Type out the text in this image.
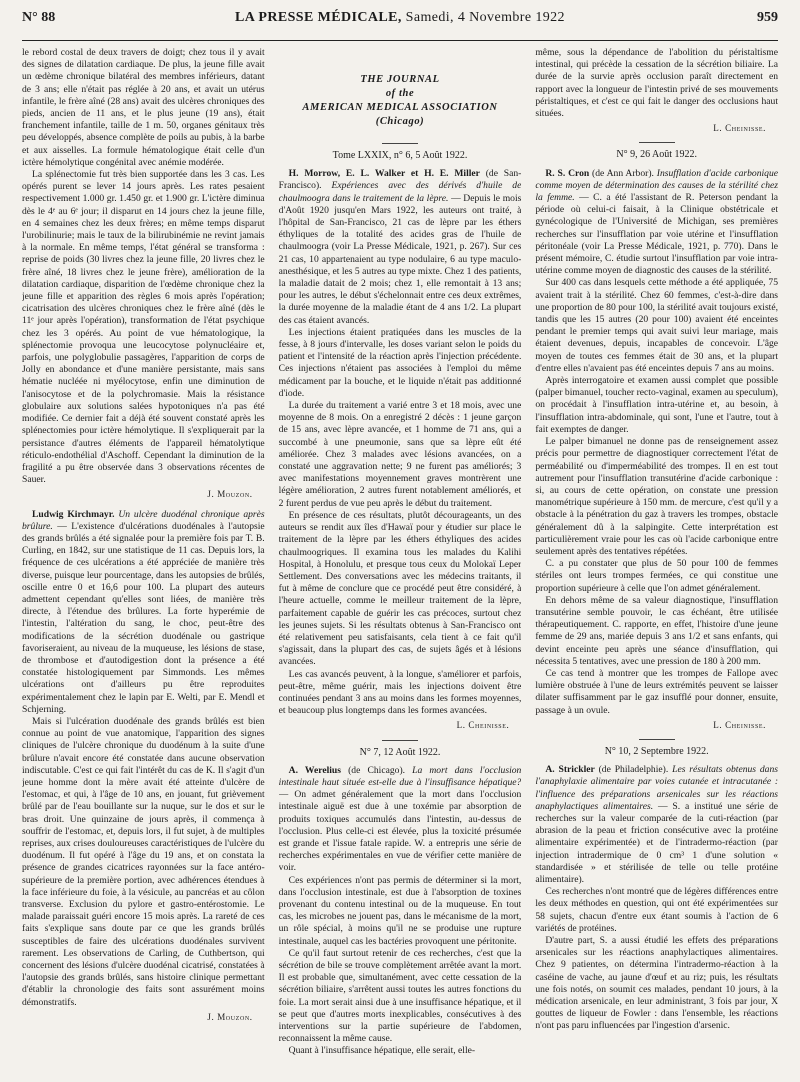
N° 88	LA PRESSE MÉDICALE, Samedi, 4 Novembre 1922	959

le rebord costal de deux travers de doigt; chez tous il y avait des signes de dilatation cardiaque. De plus, la jeune fille avait un œdème chronique bilatéral des membres inférieurs, datant de 3 ans; elle n'était pas réglée à 20 ans, et avait un utérus infantile, le frère aîné (28 ans) avait des ulcères chroniques des pieds, ancien de 11 ans, et le plus jeune (19 ans), était franchement infantile, taille de 1 m. 50, organes génitaux très peu développés, absence complète de poils au pubis, à la barbe et aux aisselles. La formule hématologique était celle d'un ictère hémolytique congénital avec anémie modérée.

La splénectomie fut très bien supportée dans les 3 cas. Les opérés purent se lever 14 jours après. Les rates pesaient respectivement 1.000 gr. 1.450 gr. et 1.900 gr. L'ictère diminua dès le 4ᵉ au 6ᵉ jour; il disparut en 14 jours chez la jeune fille, en 4 semaines chez les deux frères; en même temps disparut l'urobilinurie; mais le taux de la bilirubinémie ne revint jamais à la normale. En même temps, l'état général se transforma : reprise de poids (30 livres chez la jeune fille, 20 livres chez le frère aîné, 18 livres chez le jeune frère), amélioration de la dilatation cardiaque, disparition de l'œdème chronique chez la jeune fille et apparition des règles 6 mois après l'opération; cicatrisation des ulcères chroniques chez le frère aîné (dès le 11ᵉ jour après l'opération), transformation de l'état psychique chez les 3 opérés. Au point de vue hématologique, la splénectomie provoqua une leucocytose polynucléaire et, parfois, une polyglobulie passagères, l'apparition de corps de Jolly en abondance et d'une manière persistante, mais sans hématie nucléée ni myélocytose, enfin une diminution de l'anisocytose et de la polychromasie. Mais la résistance globulaire aux solutions salées hypotoniques n'a pas été modifiée. Ce dernier fait a déjà été souvent constaté après les splénectomies pour ictère hémolytique. Il s'expliquerait par la persistance d'autres éléments de l'appareil hématolytique réticulo-endothélial d'Aschoff. Cependant la diminution de la fragilité a pu être observée dans 3 observations récentes de Sauer.

J. Mouzon.

Ludwig Kirchmayr. Un ulcère duodénal chronique après brûlure. — L'existence d'ulcérations duodénales à l'autopsie des grands brûlés a été signalée pour la première fois par T. B. Curling, en 1842, sur une statistique de 11 cas. Depuis lors, la fréquence de ces ulcérations a été appréciée de manière très diverse, puisque leur pourcentage, dans les autopsies de brûlés, oscille entre 0 et 16,6 pour 100. La plupart des auteurs admettent cependant qu'elles sont liées, de manière très directe, à l'étendue des brûlures. La forte hyperémie de l'intestin, l'altération du sang, le choc, peut-être des modifications de la sécrétion duodénale ou gastrique favoriseraient, au niveau de la muqueuse, les lésions de stase, de thrombose et d'autodigestion dont la présence a été constatée histologiquement par Simmonds. Les mêmes ulcérations ont d'ailleurs pu être reproduites expérimentalement chez le lapin par E. Welti, par E. Mendl et Schjerning.

Mais si l'ulcération duodénale des grands brûlés est bien connue au point de vue anatomique, l'apparition des signes cliniques de l'ulcère chronique du duodénum à la suite d'une brûlure n'avait encore été constatée dans aucune observation indiscutable. C'est ce qui fait l'intérêt du cas de K. Il s'agit d'un jeune homme dont la mère avait été atteinte d'ulcère de l'estomac, et qui, à l'âge de 10 ans, en jouant, fut grièvement brûlé par de l'eau bouillante sur la nuque, sur le dos et sur le bras droit. Une quinzaine de jours après, il commença à souffrir de l'estomac, et, depuis lors, il fut sujet, à de multiples reprises, aux crises douloureuses caractéristiques de l'ulcère du duodénum. Il fut opéré à l'âge du 19 ans, et on constata la présence de grandes cicatrices rayonnées sur la face antéro-supérieure de la première portion, avec adhérences étendues à la face inférieure du foie, à la vésicule, au pancréas et au côlon transverse. Exclusion du pylore et gastro-entérostomie. Le malade paraissait guéri encore 15 mois après. La rareté de ces faits s'explique sans doute par ce que les grands brûlés susceptibles de faire des ulcérations duodénales survivent rarement. Les observations de Carling, de Cuthbertson, qui concernent des lésions d'ulcère duodénal cicatrisé, constatées à l'autopsie des grands brûlés, sans histoire clinique permettant d'établir la chronologie des faits sont assurément moins démonstratifs.

J. Mouzon.
THE JOURNAL
of the
AMERICAN MEDICAL ASSOCIATION
(Chicago)
Tome LXXIX, n° 6, 5 Août 1922.

H. Morrow, E. L. Walker et H. E. Miller (de San-Francisco). Expériences avec des dérivés d'huile de chaulmoogra dans le traitement de la lèpre. — Depuis le mois d'Août 1920 jusqu'en Mars 1922, les auteurs ont traité, à l'hôpital de San-Francisco, 21 cas de lèpre par les éthers éthyliques de la totalité des acides gras de l'huile de chaulmoogra (voir La Presse Médicale, 1921, p. 267). Sur ces 21 cas, 10 appartenaient au type nodulaire, 6 au type maculo-anesthésique, et les 5 autres au type mixte. Chez 1 des patients, la maladie datait de 2 mois; chez 1, elle remontait à 13 ans; pour les autres, le début s'échelonnait entre ces deux extrêmes, la durée moyenne de la maladie étant de 4 ans 1/2. La plupart des cas étaient avancés.

Les injections étaient pratiquées dans les muscles de la fesse, à 8 jours d'intervalle, les doses variant selon le poids du patient et l'intensité de la réaction après l'injection précédente. Ces injections n'étaient pas associées à l'emploi du même médicament par la bouche, et le liquide n'était pas additionné d'iode.

La durée du traitement a varié entre 3 et 18 mois, avec une moyenne de 8 mois. On a enregistré 2 décès : 1 jeune garçon de 15 ans, avec lèpre avancée, et 1 homme de 71 ans, qui a succombé à une pneumonie, sans que sa lèpre eût été améliorée. Chez 3 malades avec lésions avancées, on a constaté une aggravation nette; 9 ne furent pas améliorés; 3 avec manifestations moyennement graves montrèrent une légère amélioration, 2 autres furent notablement améliorés, et 2 furent perdus de vue peu après le début du traitement.

En présence de ces résultats, plutôt décourageants, un des auteurs se rendit aux îles d'Hawaï pour y étudier sur place le traitement de la lèpre par les éthers éthyliques des acides chaulmoogriques. Il examina tous les malades du Kalihi Hospital, à Honolulu, et presque tous ceux du Molokaï Leper Settlement. Des conversations avec les médecins traitants, il fut à même de conclure que ce procédé peut être considéré, à l'heure actuelle, comme le meilleur traitement de la lèpre, parfaitement capable de guérir les cas précoces, surtout chez les jeunes sujets. Si les résultats obtenus à San-Francisco ont été relativement peu satisfaisants, cela tient à ce fait qu'il s'agissait, dans la plupart des cas, de sujets âgés et à lésions avancées.

Les cas avancés peuvent, à la longue, s'améliorer et parfois, peut-être, même guérir, mais les injections doivent être continuées pendant 3 ans au moins dans les formes moyennes, et beaucoup plus longtemps dans les formes avancées.

L. Cheinisse.
N° 7, 12 Août 1922.

A. Werelius (de Chicago). La mort dans l'occlusion intestinale haut située est-elle due à l'insuffisance hépatique? — On admet généralement que la mort dans l'occlusion intestinale aiguë est due à une toxémie par absorption de produits toxiques accumulés dans l'intestin, au-dessus de l'occlusion. Plus celle-ci est élevée, plus la toxicité présumée est grande et l'issue fatale rapide. W. a entrepris une série de recherches expérimentales en vue de vérifier cette manière de voir.

Ces expériences n'ont pas permis de déterminer si la mort, dans l'occlusion intestinale, est due à l'absorption de toxines provenant du contenu intestinal ou de la muqueuse. En tout cas, les microbes ne jouent pas, dans le mécanisme de la mort, un rôle spécial, à moins qu'il ne se produise une rupture intestinale, auquel cas les bactéries provoquent une péritonite.

Ce qu'il faut surtout retenir de ces recherches, c'est que la sécrétion de bile se trouve complètement arrêtée avant la mort. Il est probable que, simultanément, avec cette cessation de la sécrétion biliaire, s'arrêtent aussi toutes les autres fonctions du foie. La mort serait ainsi due à une insuffisance hépatique, et il se peut que d'autres morts inexplicables, consécutives à des interventions sur la partie supérieure de l'abdomen, reconnaissent la même cause.

Quant à l'insuffisance hépatique, elle serait, elle-

même, sous la dépendance de l'abolition du péristaltisme intestinal, qui précède la cessation de la sécrétion biliaire. La durée de la survie après occlusion paraît directement en rapport avec la longueur de l'intestin privé de ses mouvements péristaltiques, et c'est ce qui fait le danger des occlusions haut situées.

L. Cheinisse.
N° 9, 26 Août 1922.

R. S. Cron (de Ann Arbor). Insufflation d'acide carbonique comme moyen de détermination des causes de la stérilité chez la femme. — C. a été l'assistant de R. Peterson pendant la période où celui-ci faisait, à la Clinique obstétricale et gynécologique de l'Université de Michigan, ses premières recherches sur l'insufflation par voie utérine et l'insufflation péritonéale (voir La Presse Médicale, 1921, p. 770). Dans le présent mémoire, C. étudie surtout l'insufflation par voie intra-utérine comme moyen de diagnostic des causes de la stérilité.

Sur 400 cas dans lesquels cette méthode a été appliquée, 75 avaient trait à la stérilité. Chez 60 femmes, c'est-à-dire dans une proportion de 80 pour 100, la stérilité avait toujours existé, tandis que les 15 autres (20 pour 100) avaient été enceintes pendant le premier temps qui avait suivi leur mariage, mais étaient devenues, depuis, incapables de concevoir. L'âge moyen de toutes ces femmes était de 30 ans, et la plupart d'entre elles n'avaient pas été enceintes depuis 7 ans au moins.

Après interrogatoire et examen aussi complet que possible (palper bimanuel, toucher recto-vaginal, examen au speculum), on procédait à l'insufflation intra-utérine et, au besoin, à l'insufflation intra-abdominale, qui sont, l'une et l'autre, tout à fait exemptes de danger.

Le palper bimanuel ne donne pas de renseignement assez précis pour permettre de diagnostiquer correctement l'état de perméabilité ou d'imperméabilité des trompes. Il en est tout autrement pour l'insufflation transutérine d'acide carbonique : si, au cours de cette opération, on constate une pression manométrique supérieure à 150 mm. de mercure, c'est qu'il y a obstacle à la pénétration du gaz à travers les trompes, obstacle généralement dû à la salpingite. Cette interprétation est particulièrement vraie pour les cas où l'acide carbonique entre seulement après des tentatives répétées.

C. a pu constater que plus de 50 pour 100 de femmes stériles ont leurs trompes fermées, ce qui constitue une proportion supérieure à celle que l'on admet généralement.

En dehors même de sa valeur diagnostique, l'insufflation transutérine semble pouvoir, le cas échéant, être utilisée thérapeutiquement. C. rapporte, en effet, l'histoire d'une jeune femme de 29 ans, mariée depuis 3 ans 1/2 et sans enfants, qui devint enceinte peu après une séance d'insufflation, qui nécessita 5 tentatives, avec une pression de 180 à 200 mm.

Ce cas tend à montrer que les trompes de Fallope avec lumière obstruée à l'une de leurs extrémités peuvent se laisser dilater suffisamment par le gaz insufflé pour donner, ensuite, passage à un ovule.

L. Cheinisse.
N° 10, 2 Septembre 1922.

A. Strickler (de Philadelphie). Les résultats obtenus dans l'anaphylaxie alimentaire par voies cutanée et intracutanée : l'influence des préparations arsenicales sur les réactions anaphylactiques alimentaires. — S. a institué une série de recherches sur la valeur comparée de la cuti-réaction (par abrasion de la peau et friction consécutive avec la protéine alimentaire expérimentée) et de l'intradermo-réaction (par injection intradermique de 0 cm³ 1 d'une solution « standardisée » et stérilisée de telle ou telle protéine alimentaire).

Ces recherches n'ont montré que de légères différences entre les deux méthodes en question, qui ont été expérimentées sur 58 sujets, chacun d'entre eux étant soumis à l'action de 6 variétés de protéines.

D'autre part, S. a aussi étudié les effets des préparations arsenicales sur les réactions anaphylactiques alimentaires. Chez 9 patientes, on détermina l'intradermo-réaction à la caséine de vache, au jaune d'œuf et au riz; puis, les résultats une fois notés, on soumit ces malades, pendant 10 jours, à la médication arsenicale, en leur administrant, 3 fois par jour, X gouttes de liqueur de Fowler : dans l'ensemble, les réactions n'ont pas paru influencées par l'ingestion d'arsenic.
